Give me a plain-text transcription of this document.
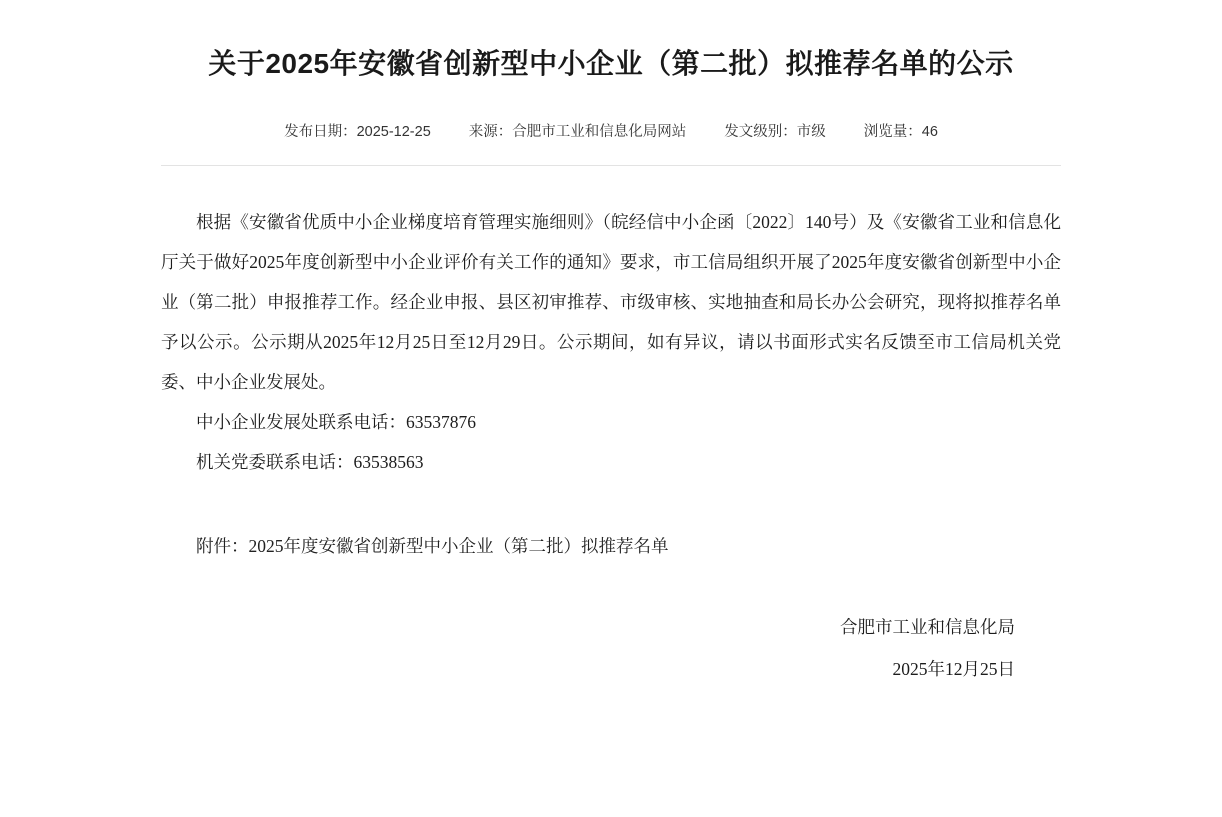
关于2025年安徽省创新型中小企业（第二批）拟推荐名单的公示
发布日期：2025-12-25	来源：合肥市工业和信息化局网站	发文级别：市级	浏览量：46

根据《安徽省优质中小企业梯度培育管理实施细则》（皖经信中小企函〔2022〕140号）及《安徽省工业和信息化厅关于做好2025年度创新型中小企业评价有关工作的通知》要求，市工信局组织开展了2025年度安徽省创新型中小企业（第二批）申报推荐工作。经企业申报、县区初审推荐、市级审核、实地抽查和局长办公会研究，现将拟推荐名单予以公示。公示期从2025年12月25日至12月29日。公示期间，如有异议，请以书面形式实名反馈至市工信局机关党委、中小企业发展处。

中小企业发展处联系电话：63537876

机关党委联系电话：63538563

附件：2025年度安徽省创新型中小企业（第二批）拟推荐名单
合肥市工业和信息化局
2025年12月25日
